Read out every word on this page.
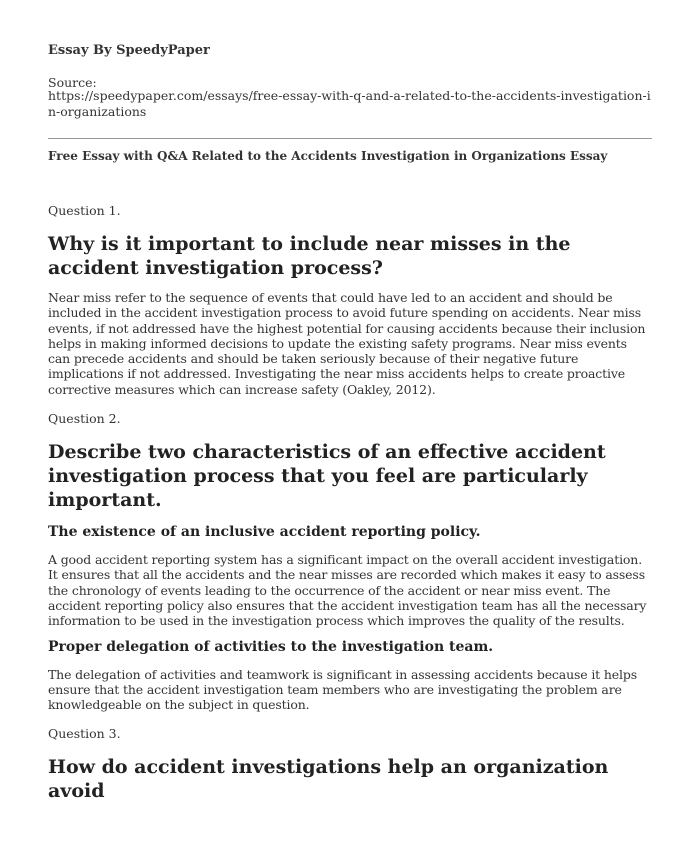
Essay By SpeedyPaper
Source:
https://speedypaper.com/essays/free-essay-with-q-and-a-related-to-the-accidents-investigation-in-organizations
Free Essay with Q&A Related to the Accidents Investigation in Organizations Essay

Question 1.

Why is it important to include near misses in the accident investigation process?

Near miss refer to the sequence of events that could have led to an accident and should be included in the accident investigation process to avoid future spending on accidents. Near miss events, if not addressed have the highest potential for causing accidents because their inclusion helps in making informed decisions to update the existing safety programs. Near miss events can precede accidents and should be taken seriously because of their negative future implications if not addressed. Investigating the near miss accidents helps to create proactive corrective measures which can increase safety (Oakley, 2012).

Question 2.

Describe two characteristics of an effective accident investigation process that you feel are particularly important.
The existence of an inclusive accident reporting policy.

A good accident reporting system has a significant impact on the overall accident investigation. It ensures that all the accidents and the near misses are recorded which makes it easy to assess the chronology of events leading to the occurrence of the accident or near miss event. The accident reporting policy also ensures that the accident investigation team has all the necessary information to be used in the investigation process which improves the quality of the results.

Proper delegation of activities to the investigation team.

The delegation of activities and teamwork is significant in assessing accidents because it helps ensure that the accident investigation team members who are investigating the problem are knowledgeable on the subject in question.

Question 3.

How do accident investigations help an organization avoid
